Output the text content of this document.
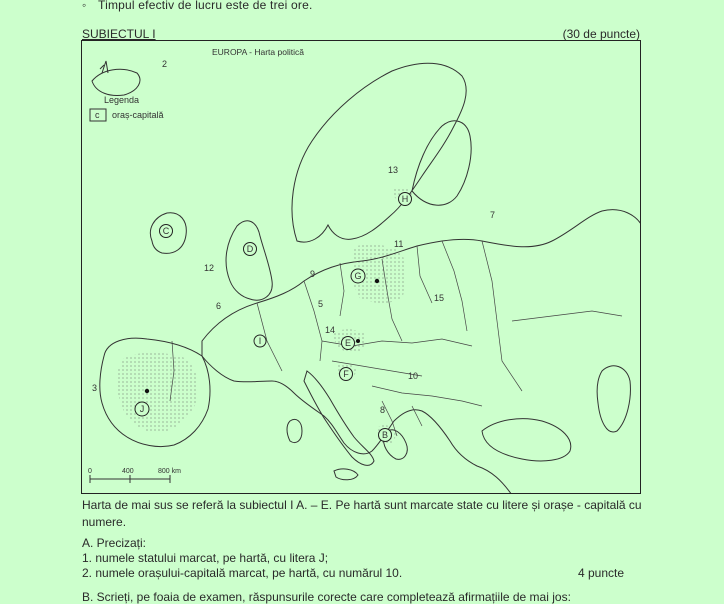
◦ Timpul efectiv de lucru este de trei ore.
SUBIECTUL I	(30 de puncte)
EUROPA - Harta politică
Legenda
c oraș-capitală
C
D
G
E
F
B
H
I
J
2
3
5
6
7
8
9
10
11
12
13
14
15
0	400	800 km
Harta de mai sus se referă la subiectul I A. – E. Pe hartă sunt marcate state cu litere și orașe - capitală cu numere.
A. Precizați:
1. numele statului marcat, pe hartă, cu litera J;
2. numele orașului-capitală marcat, pe hartă, cu numărul 10.	4 puncte
B. Scrieți, pe foaia de examen, răspunsurile corecte care completează afirmațiile de mai jos:
